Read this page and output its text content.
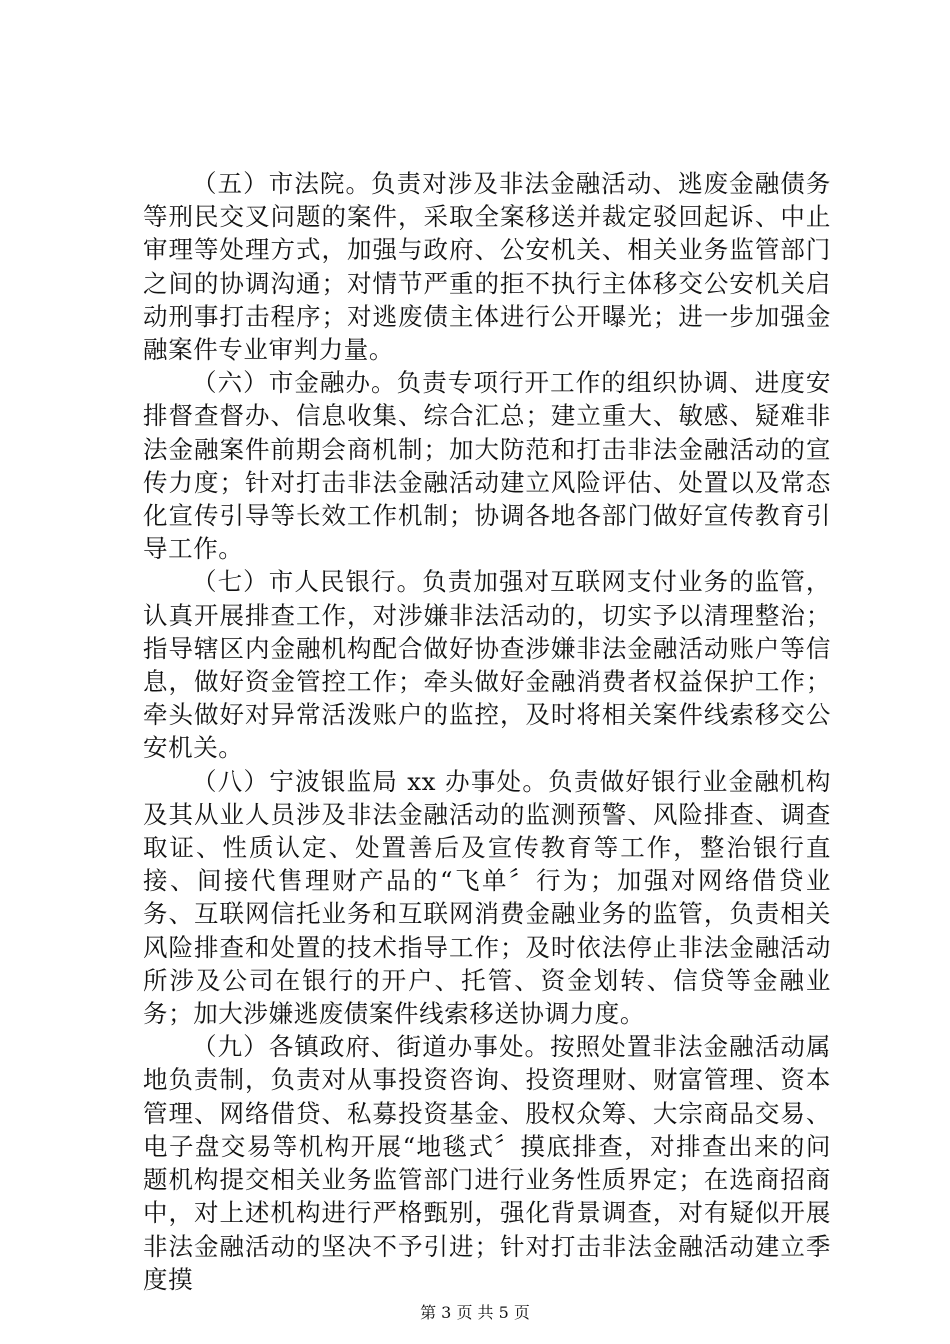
（五）市法院。负责对涉及非法金融活动、逃废金融债务等刑民交叉问题的案件，采取全案移送并裁定驳回起诉、中止审理等处理方式，加强与政府、公安机关、相关业务监管部门之间的协调沟通；对情节严重的拒不执行主体移交公安机关启动刑事打击程序；对逃废债主体进行公开曝光；进一步加强金融案件专业审判力量。

（六）市金融办。负责专项行开工作的组织协调、进度安排督查督办、信息收集、综合汇总；建立重大、敏感、疑难非法金融案件前期会商机制；加大防范和打击非法金融活动的宣传力度；针对打击非法金融活动建立风险评估、处置以及常态化宣传引导等长效工作机制；协调各地各部门做好宣传教育引导工作。

（七）市人民银行。负责加强对互联网支付业务的监管，认真开展排查工作，对涉嫌非法活动的，切实予以清理整治；指导辖区内金融机构配合做好协查涉嫌非法金融活动账户等信息，做好资金管控工作；牵头做好金融消费者权益保护工作；牵头做好对异常活泼账户的监控，及时将相关案件线索移交公安机关。

（八）宁波银监局 xx 办事处。负责做好银行业金融机构及其从业人员涉及非法金融活动的监测预警、风险排查、调查取证、性质认定、处置善后及宣传教育等工作，整治银行直接、间接代售理财产品的“飞单〞行为；加强对网络借贷业务、互联网信托业务和互联网消费金融业务的监管，负责相关风险排查和处置的技术指导工作；及时依法停止非法金融活动所涉及公司在银行的开户、托管、资金划转、信贷等金融业务；加大涉嫌逃废债案件线索移送协调力度。

（九）各镇政府、街道办事处。按照处置非法金融活动属地负责制，负责对从事投资咨询、投资理财、财富管理、资本管理、网络借贷、私募投资基金、股权众筹、大宗商品交易、电子盘交易等机构开展“地毯式〞摸底排查，对排查出来的问题机构提交相关业务监管部门进行业务性质界定；在选商招商中，对上述机构进行严格甄别，强化背景调查，对有疑似开展非法金融活动的坚决不予引进；针对打击非法金融活动建立季度摸

第 3 页 共 5 页
